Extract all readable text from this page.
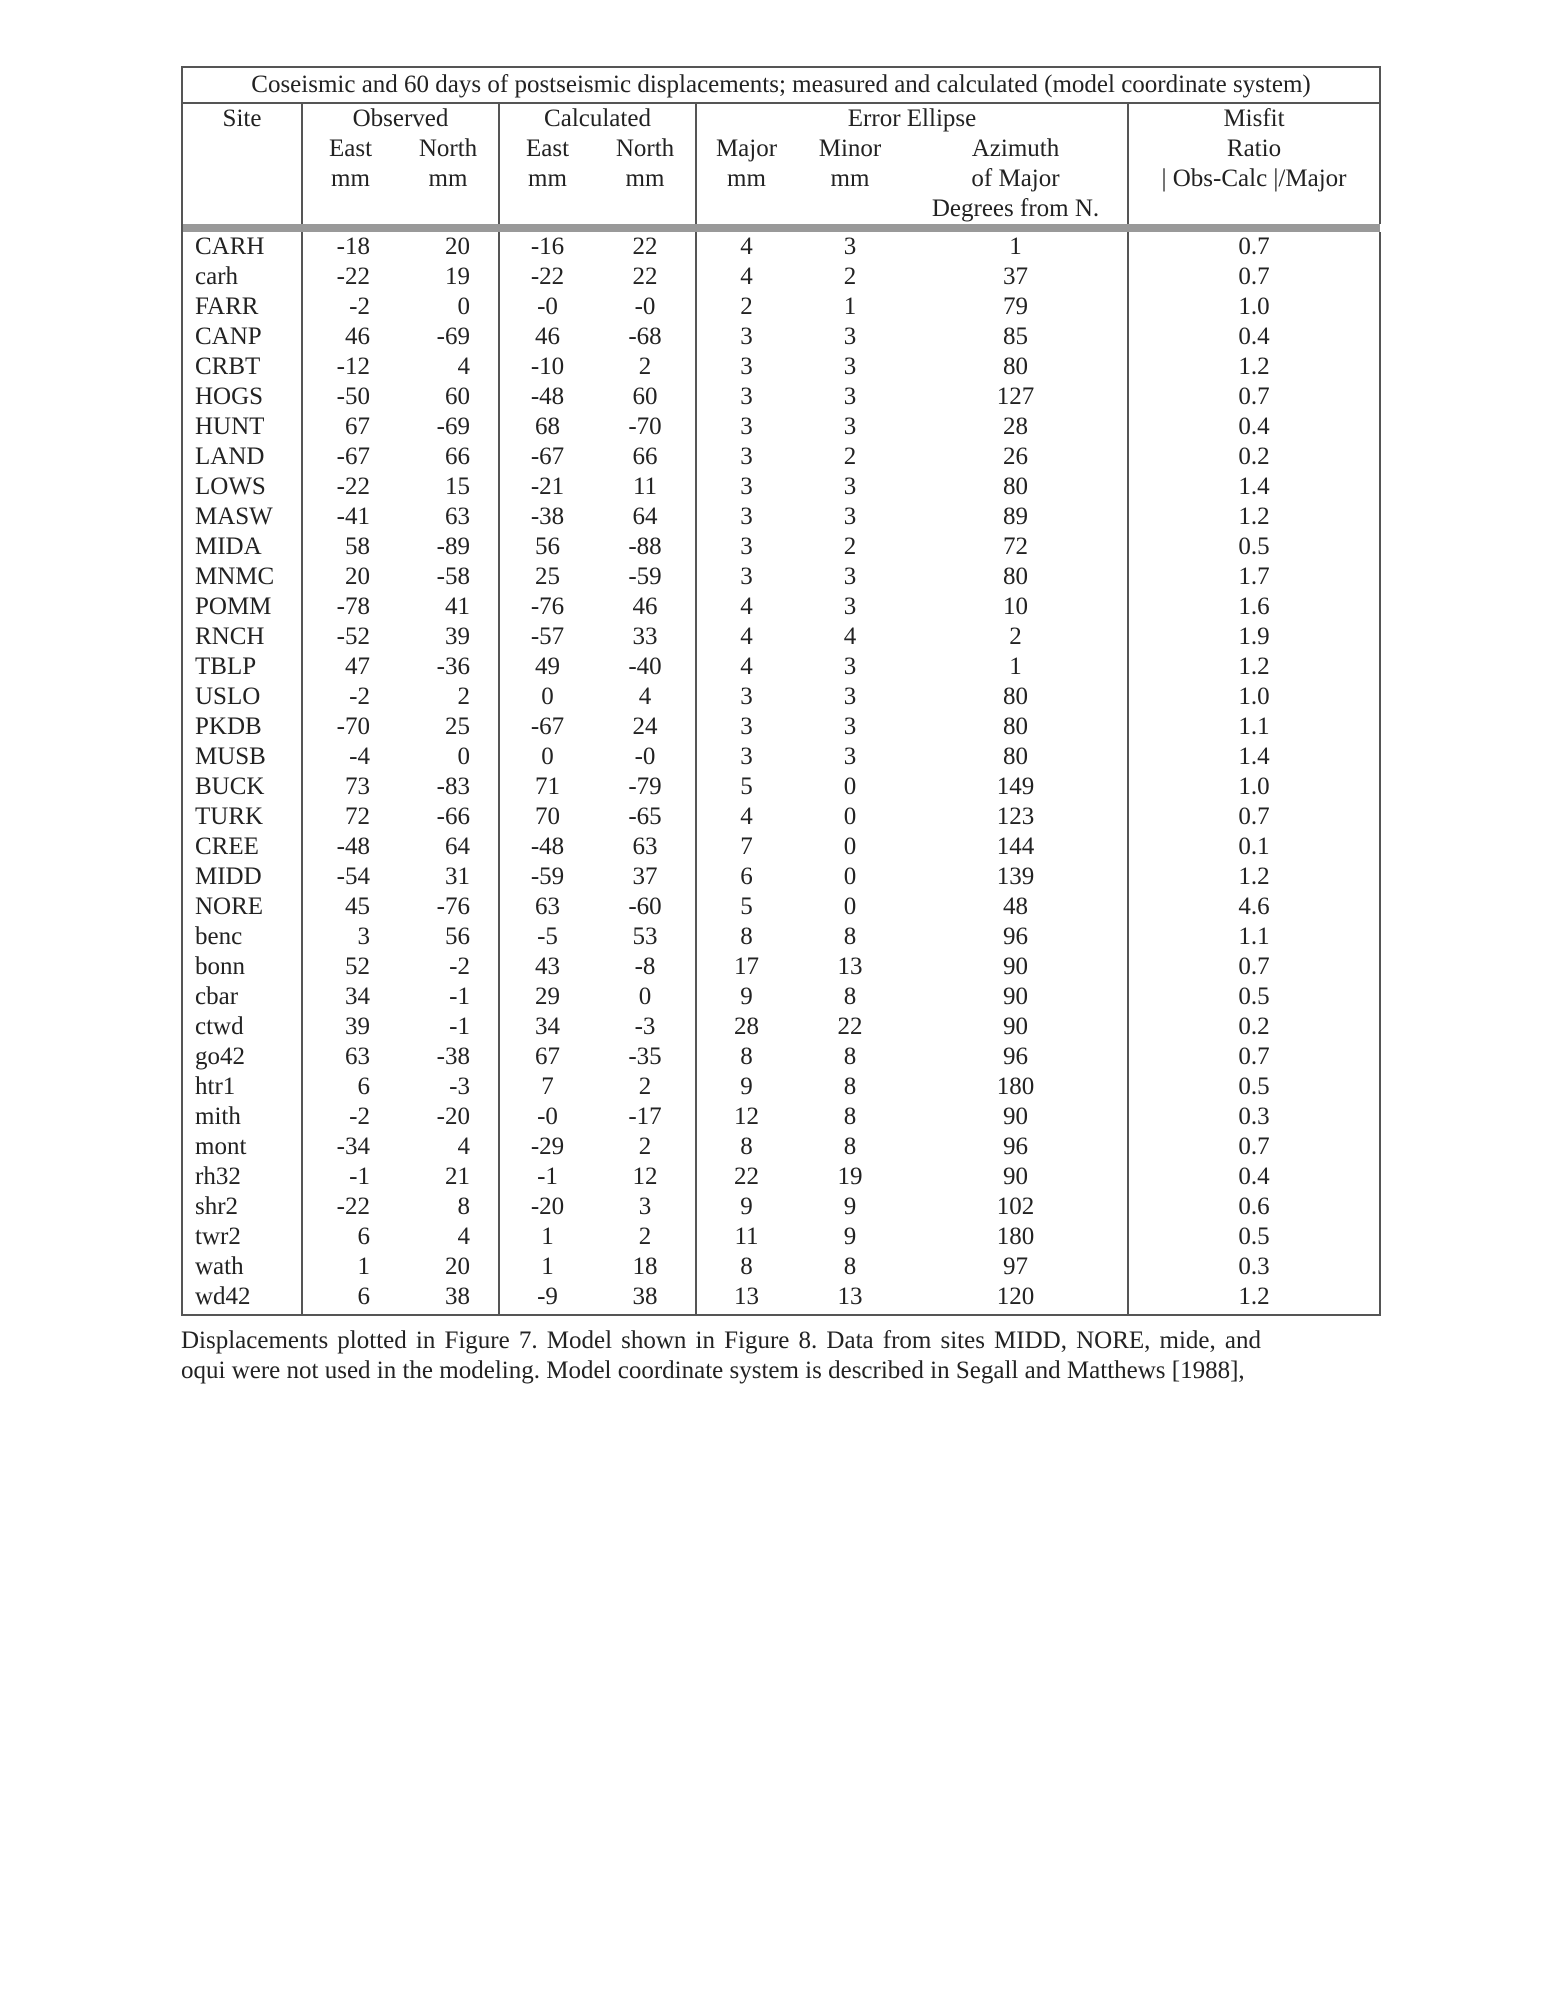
Coseismic and 60 days of postseismic displacements; measured and calculated (model coordinate system)								
Site	Observed		Calculated		Error Ellipse			Misfit
	East	North	East	North	Major	Minor	Azimuth	Ratio
	mm	mm	mm	mm	mm	mm	of Major	| Obs-Calc |/Major
							Degrees from N.	

CARH	-18	20	-16	22	4	3	1	0.7
carh	-22	19	-22	22	4	2	37	0.7
FARR	-2	0	-0	-0	2	1	79	1.0
CANP	46	-69	46	-68	3	3	85	0.4
CRBT	-12	4	-10	2	3	3	80	1.2
HOGS	-50	60	-48	60	3	3	127	0.7
HUNT	67	-69	68	-70	3	3	28	0.4
LAND	-67	66	-67	66	3	2	26	0.2
LOWS	-22	15	-21	11	3	3	80	1.4
MASW	-41	63	-38	64	3	3	89	1.2
MIDA	58	-89	56	-88	3	2	72	0.5
MNMC	20	-58	25	-59	3	3	80	1.7
POMM	-78	41	-76	46	4	3	10	1.6
RNCH	-52	39	-57	33	4	4	2	1.9
TBLP	47	-36	49	-40	4	3	1	1.2
USLO	-2	2	0	4	3	3	80	1.0
PKDB	-70	25	-67	24	3	3	80	1.1
MUSB	-4	0	0	-0	3	3	80	1.4
BUCK	73	-83	71	-79	5	0	149	1.0
TURK	72	-66	70	-65	4	0	123	0.7
CREE	-48	64	-48	63	7	0	144	0.1
MIDD	-54	31	-59	37	6	0	139	1.2
NORE	45	-76	63	-60	5	0	48	4.6
benc	3	56	-5	53	8	8	96	1.1
bonn	52	-2	43	-8	17	13	90	0.7
cbar	34	-1	29	0	9	8	90	0.5
ctwd	39	-1	34	-3	28	22	90	0.2
go42	63	-38	67	-35	8	8	96	0.7
htr1	6	-3	7	2	9	8	180	0.5
mith	-2	-20	-0	-17	12	8	90	0.3
mont	-34	4	-29	2	8	8	96	0.7
rh32	-1	21	-1	12	22	19	90	0.4
shr2	-22	8	-20	3	9	9	102	0.6
twr2	6	4	1	2	11	9	180	0.5
wath	1	20	1	18	8	8	97	0.3
wd42	6	38	-9	38	13	13	120	1.2
Displacements plotted in Figure 7. Model shown in Figure 8. Data from sites MIDD, NORE, mide, and oqui were not used in the modeling. Model coordinate system is described in Segall and Matthews [1988],
